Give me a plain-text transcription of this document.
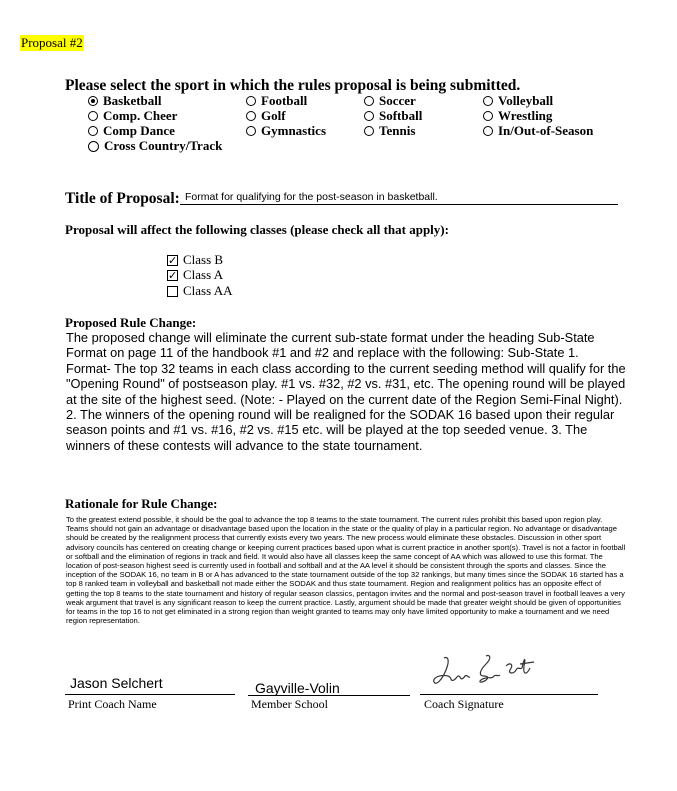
Proposal #2
Please select the sport in which the rules proposal is being submitted.
Basketball	Football	Soccer	Volleyball
Comp. Cheer	Golf	Softball	Wrestling
Comp Dance	Gymnastics	Tennis	In/Out-of-Season
Cross Country/Track
Title of Proposal: Format for qualifying for the post-season in basketball.
Proposal will affect the following classes (please check all that apply):
✓ Class B
✓ Class A
Class AA
Proposed Rule Change:
The proposed change will eliminate the current sub-state format under the heading Sub-State Format on page 11 of the handbook #1 and #2 and replace with the following: Sub-State 1. Format- The top 32 teams in each class according to the current seeding method will qualify for the "Opening Round" of postseason play. #1 vs. #32, #2 vs. #31, etc. The opening round will be played at the site of the highest seed. (Note: - Played on the current date of the Region Semi-Final Night). 2. The winners of the opening round will be realigned for the SODAK 16 based upon their regular season points and #1 vs. #16, #2 vs. #15 etc. will be played at the top seeded venue. 3. The winners of these contests will advance to the state tournament.
Rationale for Rule Change:
To the greatest extend possible, it should be the goal to advance the top 8 teams to the state tournament. The current rules prohibit this based upon region play. Teams should not gain an advantage or disadvantage based upon the location in the state or the quality of play in a particular region. No advantage or disadvantage should be created by the realignment process that currently exists every two years. The new process would eliminate these obstacles. Discussion in other sport advisory councils has centered on creating change or keeping current practices based upon what is current practice in another sport(s). Travel is not a factor in football or softball and the elimination of regions in track and field. It would also have all classes keep the same concept of AA which was allowed to use this format. The location of post-season highest seed is currently used in football and softball and at the AA level it should be consistent through the sports and classes. Since the inception of the SODAK 16, no team in B or A has advanced to the state tournament outside of the top 32 rankings, but many times since the SODAK 16 started has a top 8 ranked team in volleyball and basketball not made either the SODAK and thus state tournament. Region and realignment politics has an opposite effect of getting the top 8 teams to the state tournament and history of regular season classics, pentagon invites and the normal and post-season travel in football leaves a very weak argument that travel is any significant reason to keep the current practice. Lastly, argument should be made that greater weight should be given of opportunities for teams in the top 16 to not get eliminated in a strong region than weight granted to teams may only have limited opportunity to make a tournament and we need region representation.
Jason Selchert
Print Coach Name
Gayville-Volin
Member School	Coach Signature
